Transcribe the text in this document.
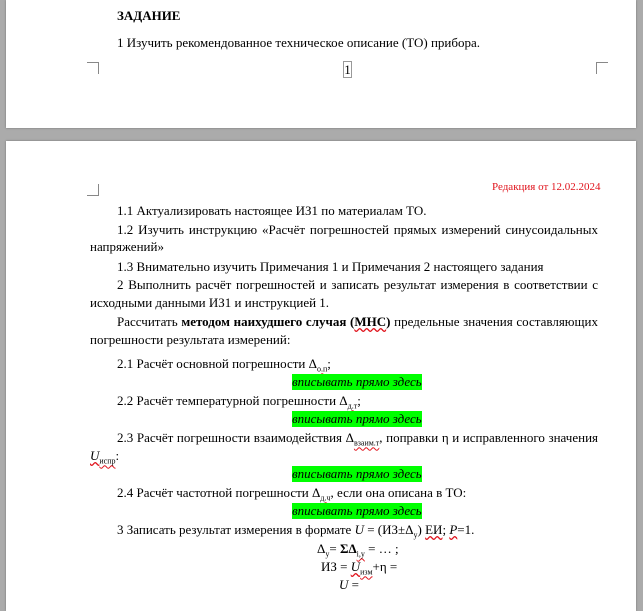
ЗАДАНИЕ
1 Изучить рекомендованное техническое описание (ТО) прибора.
1
Редакция от 12.02.2024
1.1 Актуализировать настоящее ИЗ1 по материалам ТО.
1.2 Изучить инструкцию «Расчёт погрешностей прямых измерений синусоидальных
напряжений»
1.3 Внимательно изучить Примечания 1 и Примечания 2 настоящего задания
2 Выполнить расчёт погрешностей и записать результат измерения в соответствии с
исходными данными ИЗ1 и инструкцией 1.
Рассчитать методом наихудшего случая (МНС) предельные значения составляющих
погрешности результата измерений:
2.1 Расчёт основной погрешности $\Delta_{о.п}$;
вписывать прямо здесь
2.2 Расчёт температурной погрешности $\Delta_{д.т}$;
вписывать прямо здесь
2.3 Расчёт погрешности взаимодействия $\Delta_{взаим.т}$, поправки η и исправленного значения
$U_{испр}$:
вписывать прямо здесь
2.4 Расчёт частотной погрешности $\Delta_{д.ч}$, если она описана в ТО:
вписывать прямо здесь
3 Записать результат измерения в формате $U = (ИЗ\pm\Delta_у)$ ЕИ; P=1.
$\Delta_у= \Sigma\Delta_{і,у}$ = … ;
ИЗ = $U_{изм}+\eta$ =
U =
